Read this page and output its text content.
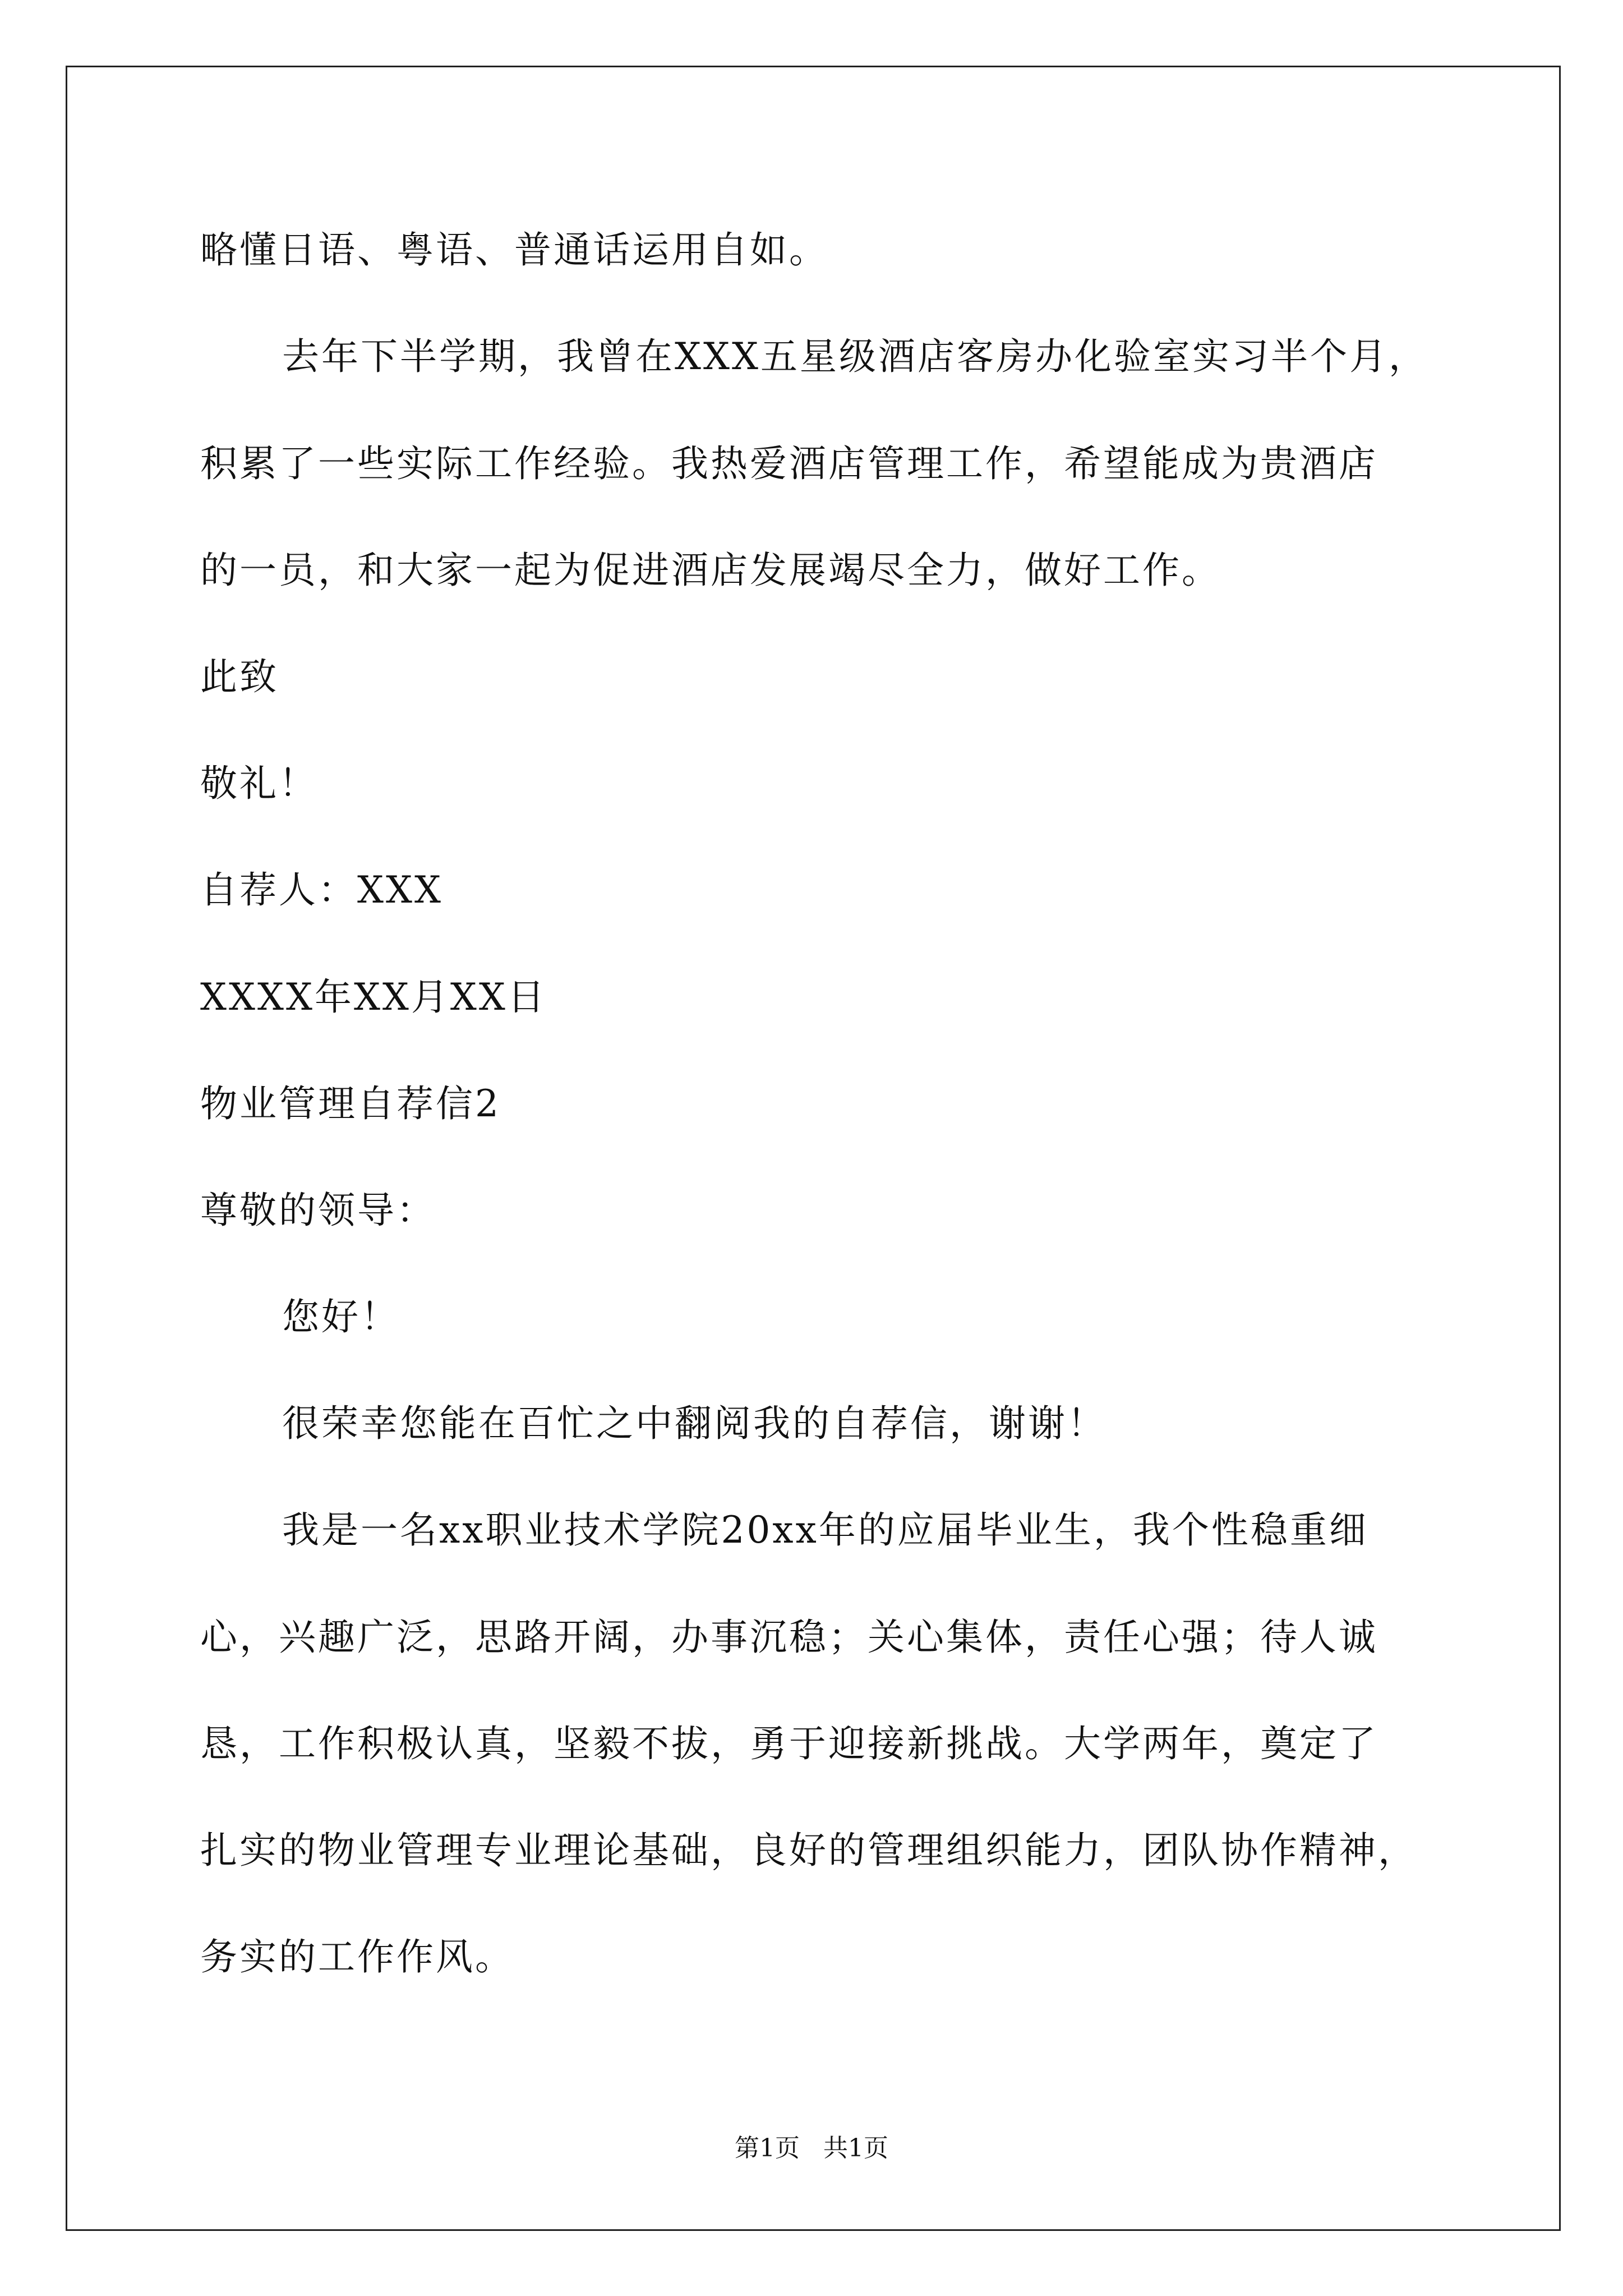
略懂日语、粤语、普通话运用自如。
去年下半学期，我曾在XXX五星级酒店客房办化验室实习半个月，
积累了一些实际工作经验。我热爱酒店管理工作，希望能成为贵酒店
的一员，和大家一起为促进酒店发展竭尽全力，做好工作。
此致
敬礼！
自荐人：XXX
XXXX年XX月XX日
物业管理自荐信2
尊敬的领导：
您好！
很荣幸您能在百忙之中翻阅我的自荐信，谢谢！
我是一名xx职业技术学院20xx年的应届毕业生，我个性稳重细
心，兴趣广泛，思路开阔，办事沉稳；关心集体，责任心强；待人诚
恳，工作积极认真，坚毅不拔，勇于迎接新挑战。大学两年，奠定了
扎实的物业管理专业理论基础，良好的管理组织能力，团队协作精神，
务实的工作作风。
第1页   共1页
